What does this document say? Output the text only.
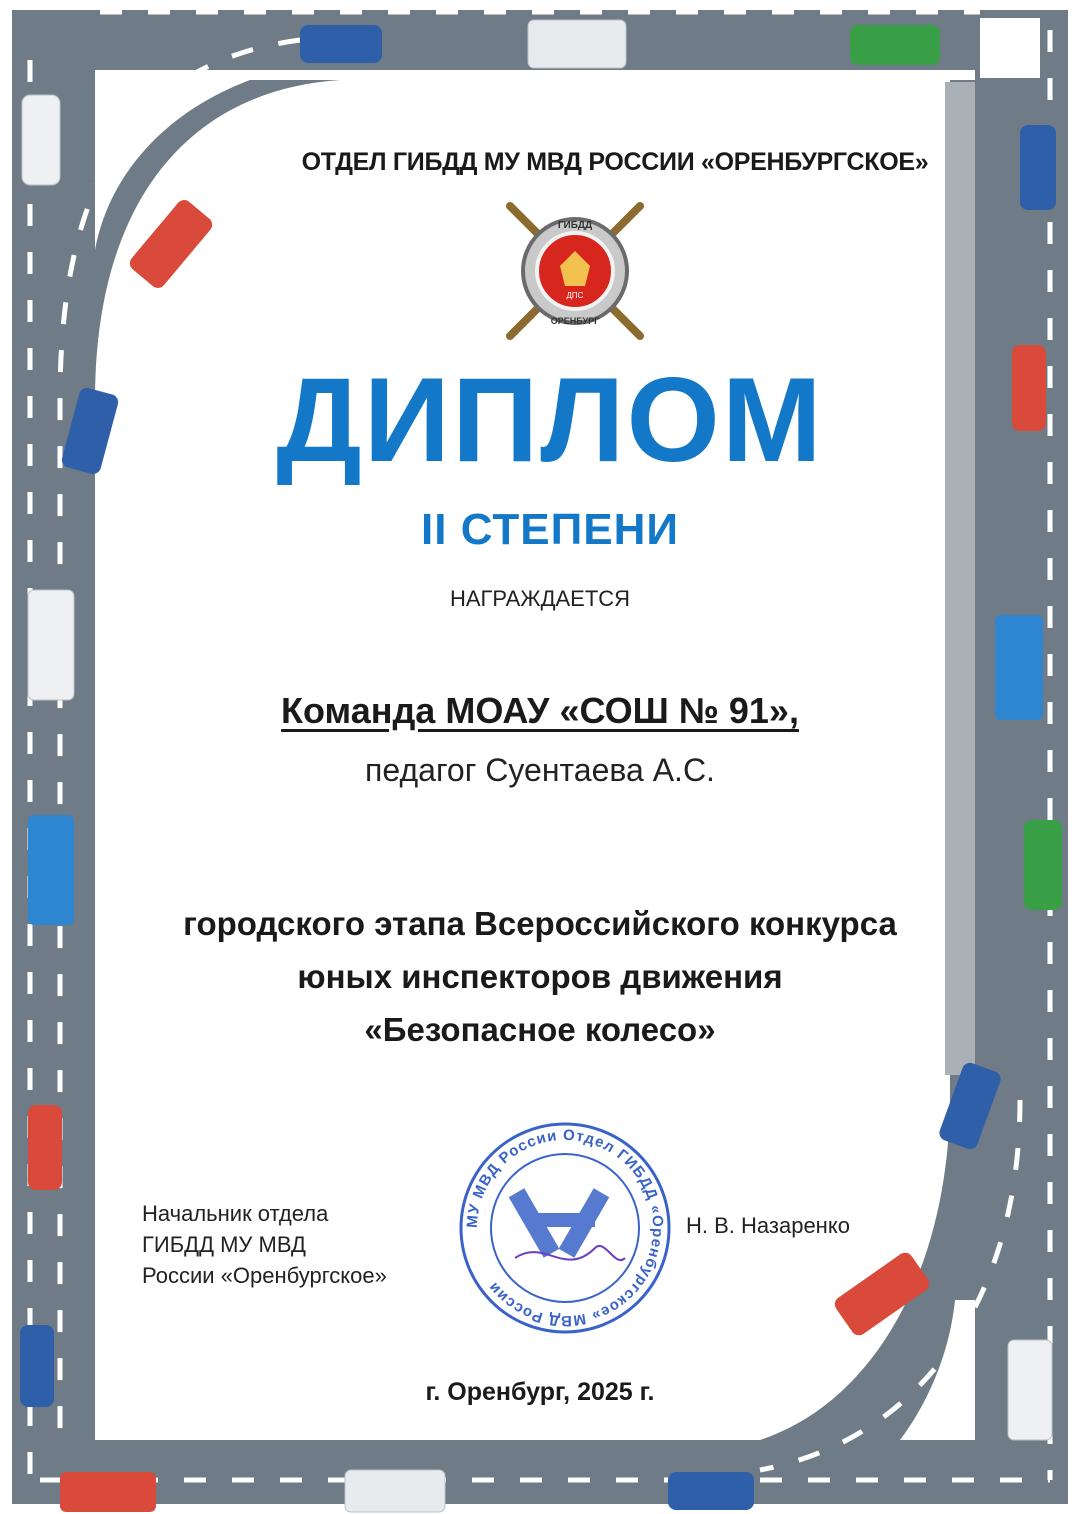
ОТДЕЛ ГИБДД МУ МВД РОССИИ «ОРЕНБУРГСКОЕ»
ГИБДД
ДПС
ОРЕНБУРГ
ДИПЛОМ
II СТЕПЕНИ
НАГРАЖДАЕТСЯ
Команда МОАУ «СОШ № 91»,
педагог Суентаева А.С.
городского этапа Всероссийского конкурса
юных инспекторов движения
«Безопасное колесо»
Начальник отдела
ГИБДД МУ МВД
России «Оренбургское»
МУ МВД России Отдел ГИБДД «Оренбургское» МВД России
Н. В. Назаренко
г. Оренбург, 2025 г.
